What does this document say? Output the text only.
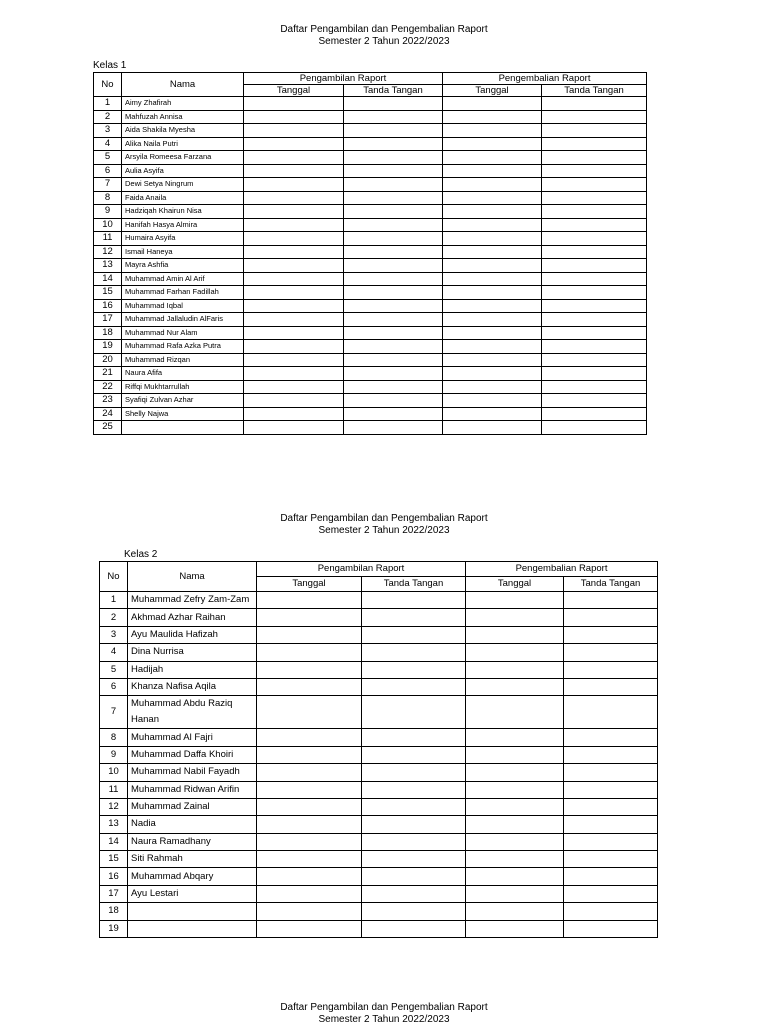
Daftar Pengambilan dan Pengembalian Raport
Semester 2 Tahun 2022/2023
Kelas 1
No	Nama	Pengambilan Raport		Pengembalian Raport	
		Tanggal	Tanda Tangan	Tanggal	Tanda Tangan
1	Aimy Zhafirah				
2	Mahfuzah Annisa				
3	Aida Shakila Myesha				
4	Alika Naila Putri				
5	Arsyila Romeesa Farzana				
6	Aulia Asyifa				
7	Dewi Setya Ningrum				
8	Faida Anaila				
9	Hadziqah Khairun Nisa				
10	Hanifah Hasya Almira				
11	Humaira Asyifa				
12	Ismail Haneya				
13	Mayra Ashfia				
14	Muhammad Amin Al Arif				
15	Muhammad Farhan Fadillah				
16	Muhammad Iqbal				
17	Muhammad Jallaludin AlFaris				
18	Muhammad Nur Alam				
19	Muhammad Rafa Azka Putra				
20	Muhammad Rizqan				
21	Naura Afifa				
22	Riffqi Mukhtarrullah				
23	Syafiqi Zulvan Azhar				
24	Shelly Najwa				
25					
Daftar Pengambilan dan Pengembalian Raport
Semester 2 Tahun 2022/2023
Kelas 2
No	Nama	Pengambilan Raport		Pengembalian Raport	
		Tanggal	Tanda Tangan	Tanggal	Tanda Tangan
1	Muhammad Zefry Zam-Zam				
2	Akhmad Azhar Raihan				
3	Ayu Maulida Hafizah				
4	Dina Nurrisa				
5	Hadijah				
6	Khanza Nafisa Aqila				
7	Muhammad Abdu Raziq Hanan				
8	Muhammad Al Fajri				
9	Muhammad Daffa Khoiri				
10	Muhammad Nabil Fayadh				
11	Muhammad Ridwan Arifin				
12	Muhammad Zainal				
13	Nadia				
14	Naura Ramadhany				
15	Siti Rahmah				
16	Muhammad Abqary				
17	Ayu Lestari				
18					
19					
Daftar Pengambilan dan Pengembalian Raport
Semester 2 Tahun 2022/2023
